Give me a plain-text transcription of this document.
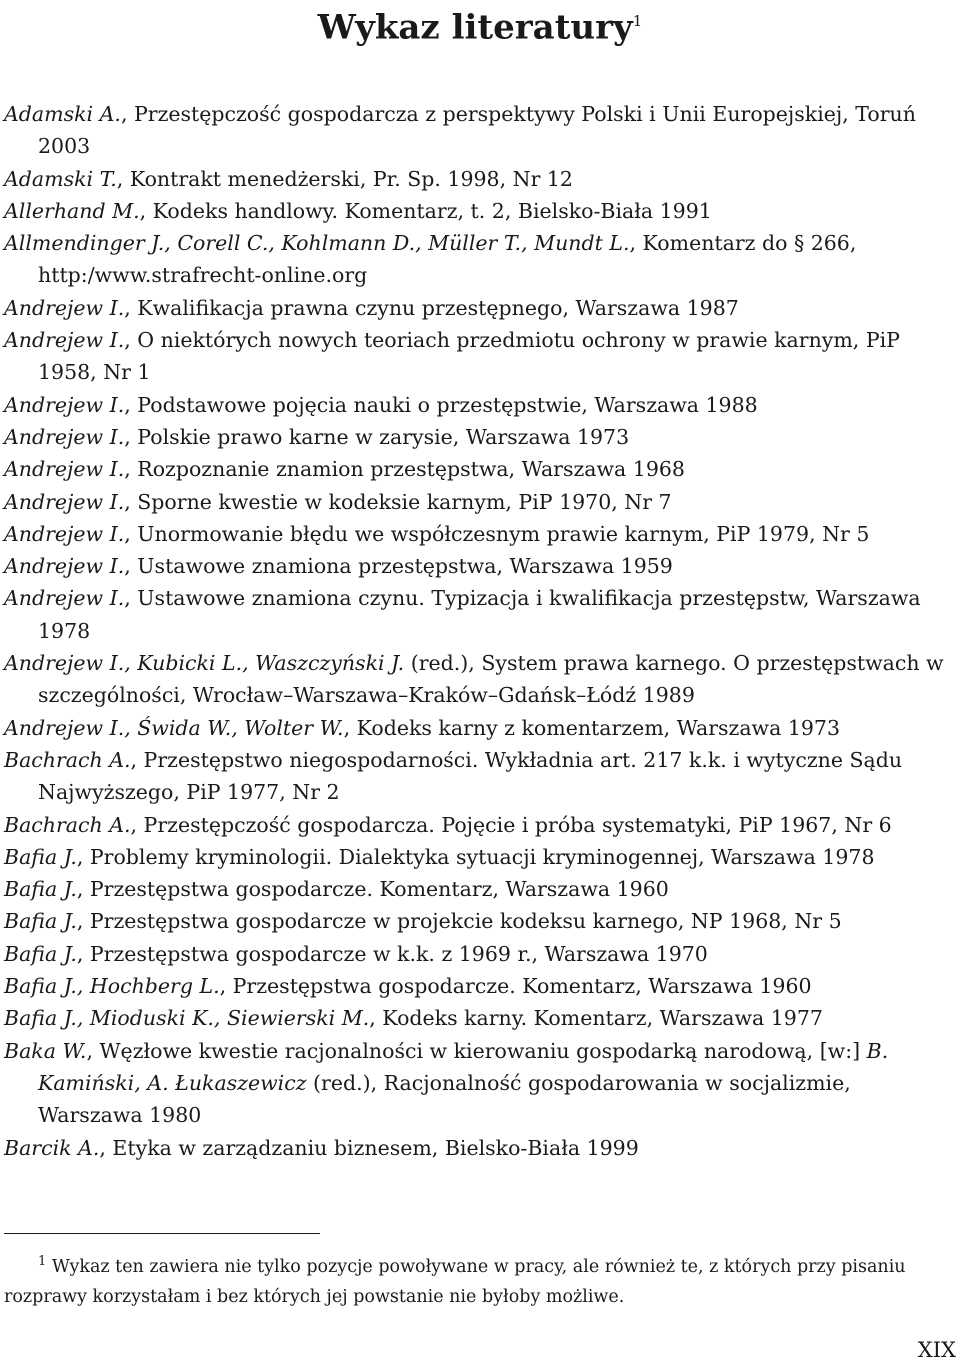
Wykaz literatury$^1$

Adamski A., Przestępczość gospodarcza z perspektywy Polski i Unii Europejskiej, Toruń 2003

Adamski T., Kontrakt menedżerski, Pr. Sp. 1998, Nr 12

Allerhand M., Kodeks handlowy. Komentarz, t. 2, Bielsko-Biała 1991

Allmendinger J., Corell C., Kohlmann D., Müller T., Mundt L., Komentarz do § 266, http:/www.strafrecht-online.org

Andrejew I., Kwalifikacja prawna czynu przestępnego, Warszawa 1987

Andrejew I., O niektórych nowych teoriach przedmiotu ochrony w prawie karnym, PiP 1958, Nr 1

Andrejew I., Podstawowe pojęcia nauki o przestępstwie, Warszawa 1988

Andrejew I., Polskie prawo karne w zarysie, Warszawa 1973

Andrejew I., Rozpoznanie znamion przestępstwa, Warszawa 1968

Andrejew I., Sporne kwestie w kodeksie karnym, PiP 1970, Nr 7

Andrejew I., Unormowanie błędu we współczesnym prawie karnym, PiP 1979, Nr 5

Andrejew I., Ustawowe znamiona przestępstwa, Warszawa 1959

Andrejew I., Ustawowe znamiona czynu. Typizacja i kwalifikacja przestępstw, Warszawa 1978

Andrejew I., Kubicki L., Waszczyński J. (red.), System prawa karnego. O przestępstwach w szczególności, Wrocław–Warszawa–Kraków–Gdańsk–Łódź 1989

Andrejew I., Świda W., Wolter W., Kodeks karny z komentarzem, Warszawa 1973

Bachrach A., Przestępstwo niegospodarności. Wykładnia art. 217 k.k. i wytyczne Sądu Najwyższego, PiP 1977, Nr 2

Bachrach A., Przestępczość gospodarcza. Pojęcie i próba systematyki, PiP 1967, Nr 6

Bafia J., Problemy kryminologii. Dialektyka sytuacji kryminogennej, Warszawa 1978

Bafia J., Przestępstwa gospodarcze. Komentarz, Warszawa 1960

Bafia J., Przestępstwa gospodarcze w projekcie kodeksu karnego, NP 1968, Nr 5

Bafia J., Przestępstwa gospodarcze w k.k. z 1969 r., Warszawa 1970

Bafia J., Hochberg L., Przestępstwa gospodarcze. Komentarz, Warszawa 1960

Bafia J., Mioduski K., Siewierski M., Kodeks karny. Komentarz, Warszawa 1977

Baka W., Węzłowe kwestie racjonalności w kierowaniu gospodarką narodową, [w:] B. Kamiński, A. Łukaszewicz (red.), Racjonalność gospodarowania w socjalizmie, Warszawa 1980

Barcik A., Etyka w zarządzaniu biznesem, Bielsko-Biała 1999

$^1$ Wykaz ten zawiera nie tylko pozycje powoływane w pracy, ale również te, z których przy pisaniu rozprawy korzystałam i bez których jej powstanie nie byłoby możliwe.
XIX
